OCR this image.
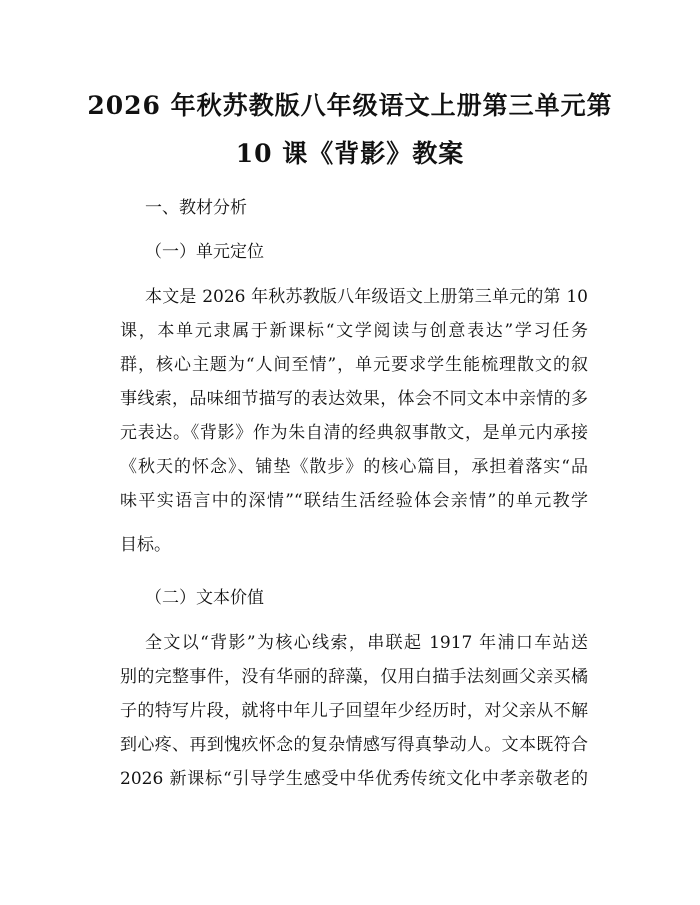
2026 年秋苏教版八年级语文上册第三单元第
10 课《背影》教案
一、教材分析
（一）单元定位
本文是 2026 年秋苏教版八年级语文上册第三单元的第 10
课，本单元隶属于新课标“文学阅读与创意表达”学习任务
群，核心主题为“人间至情”，单元要求学生能梳理散文的叙
事线索，品味细节描写的表达效果，体会不同文本中亲情的多
元表达。《背影》作为朱自清的经典叙事散文，是单元内承接
《秋天的怀念》、铺垫《散步》的核心篇目，承担着落实“品
味平实语言中的深情”“联结生活经验体会亲情”的单元教学
目标。
（二）文本价值
全文以“背影”为核心线索，串联起 1917 年浦口车站送
别的完整事件，没有华丽的辞藻，仅用白描手法刻画父亲买橘
子的特写片段，就将中年儿子回望年少经历时，对父亲从不解
到心疼、再到愧疚怀念的复杂情感写得真挚动人。文本既符合
2026 新课标“引导学生感受中华优秀传统文化中孝亲敬老的
